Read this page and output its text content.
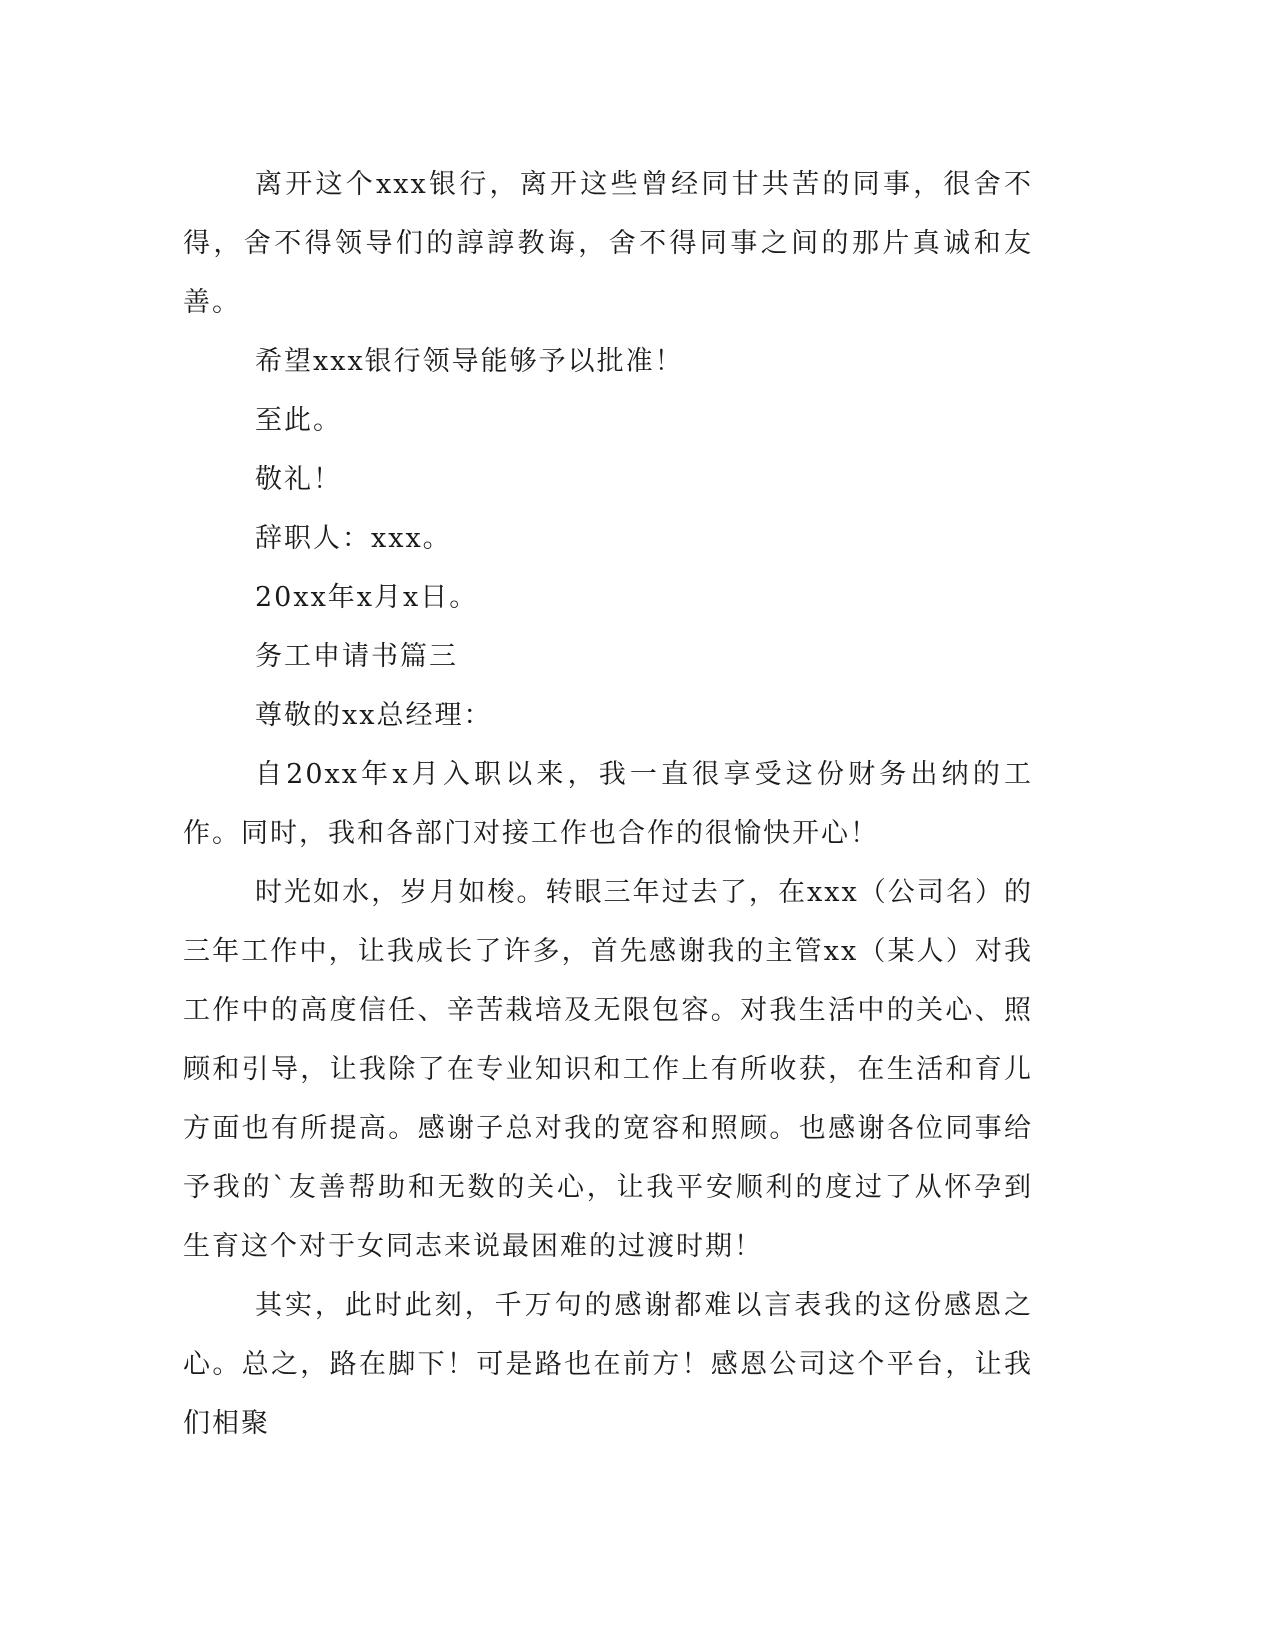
离开这个xxx银行，离开这些曾经同甘共苦的同事，很舍不得，舍不得领导们的諄諄教诲，舍不得同事之间的那片真诚和友善。

希望xxx银行领导能够予以批准！

至此。

敬礼！

辞职人：xxx。

20xx年x月x日。

务工申请书篇三

尊敬的xx总经理：

自20xx年x月入职以来，我一直很享受这份财务出纳的工作。同时，我和各部门对接工作也合作的很愉快开心！

时光如水，岁月如梭。转眼三年过去了，在xxx（公司名）的三年工作中，让我成长了许多，首先感谢我的主管xx（某人）对我工作中的高度信任、辛苦栽培及无限包容。对我生活中的关心、照顾和引导，让我除了在专业知识和工作上有所收获，在生活和育儿方面也有所提高。感谢子总对我的宽容和照顾。也感谢各位同事给予我的`友善帮助和无数的关心，让我平安顺利的度过了从怀孕到生育这个对于女同志来说最困难的过渡时期！

其实，此时此刻，千万句的感谢都难以言表我的这份感恩之心。总之，路在脚下！可是路也在前方！感恩公司这个平台，让我们相聚
